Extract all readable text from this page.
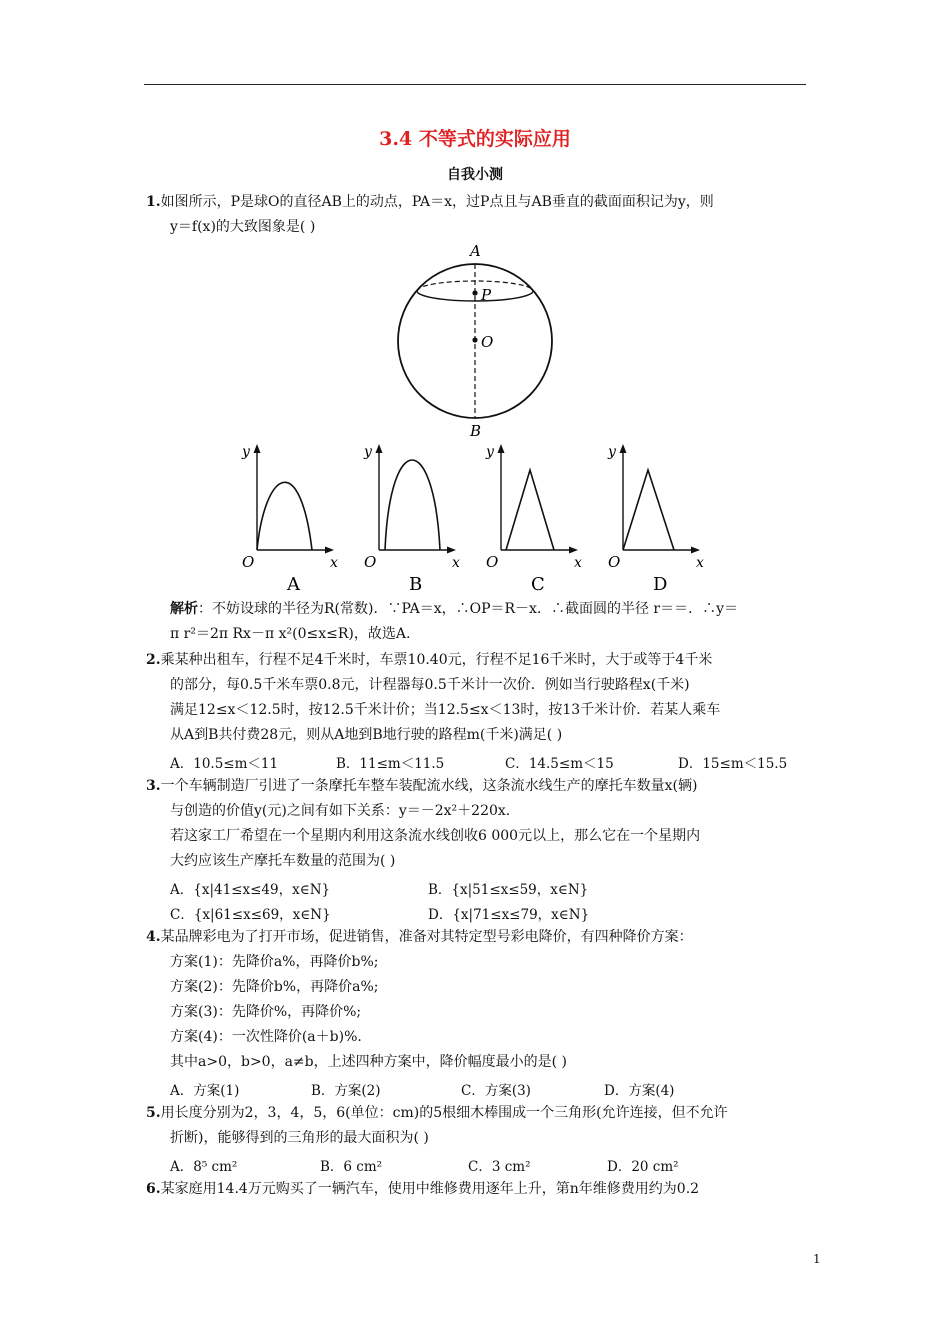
3.4 不等式的实际应用
自我小测
1.如图所示，P是球O的直径AB上的动点，PA＝x，过P点且与AB垂直的截面面积记为y，则
y＝f(x)的大致图象是( )
A
P
O
B
y
O	x
A
y
O	x
B
y
O	x
C
y
O	x
D
解析：不妨设球的半径为R(常数)．∵PA＝x，∴OP＝R－x．∴截面圆的半径 r＝＝．∴y＝
π r²＝2π Rx－π x²(0≤x≤R)，故选A.
2.乘某种出租车，行程不足4千米时，车票10.40元，行程不足16千米时，大于或等于4千米
的部分，每0.5千米车票0.8元，计程器每0.5千米计一次价．例如当行驶路程x(千米)
满足12≤x＜12.5时，按12.5千米计价；当12.5≤x＜13时，按13千米计价．若某人乘车
从A到B共付费28元，则从A地到B地行驶的路程m(千米)满足( )
A．10.5≤m＜11	B．11≤m＜11.5	C．14.5≤m＜15	D．15≤m＜15.5
3.一个车辆制造厂引进了一条摩托车整车装配流水线，这条流水线生产的摩托车数量x(辆)
与创造的价值y(元)之间有如下关系：y＝－2x²＋220x.
若这家工厂希望在一个星期内利用这条流水线创收6 000元以上，那么它在一个星期内
大约应该生产摩托车数量的范围为( )
A．{x|41≤x≤49，x∈N}	B．{x|51≤x≤59，x∈N}
C．{x|61≤x≤69，x∈N}	D．{x|71≤x≤79，x∈N}
4.某品牌彩电为了打开市场，促进销售，准备对其特定型号彩电降价，有四种降价方案：
方案(1)：先降价a%，再降价b%;
方案(2)：先降价b%，再降价a%;
方案(3)：先降价%，再降价%;
方案(4)：一次性降价(a＋b)%.
其中a>0，b>0，a≠b，上述四种方案中，降价幅度最小的是( )
A．方案(1)	B．方案(2)	C．方案(3)	D．方案(4)
5.用长度分别为2，3，4，5，6(单位：cm)的5根细木棒围成一个三角形(允许连接，但不允许
折断)，能够得到的三角形的最大面积为( )
A．8⁵ cm²	B．6 cm²	C．3 cm²	D．20 cm²
6.某家庭用14.4万元购买了一辆汽车，使用中维修费用逐年上升，第n年维修费用约为0.2
1
